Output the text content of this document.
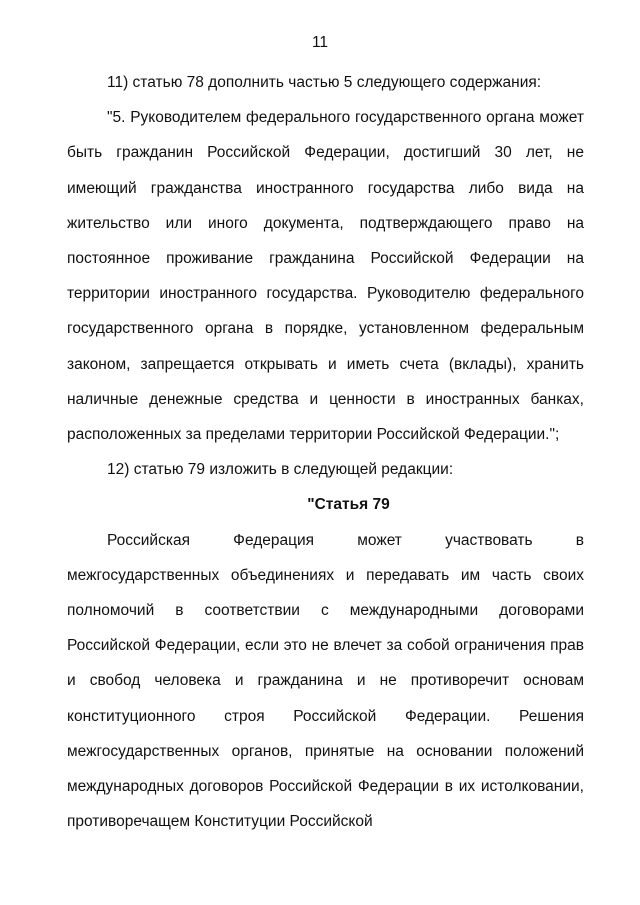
11

11) статью 78 дополнить частью 5 следующего содержания:

"5. Руководителем федерального государственного органа может быть гражданин Российской Федерации, достигший 30 лет, не имеющий гражданства иностранного государства либо вида на жительство или иного документа, подтверждающего право на постоянное проживание гражданина Российской Федерации на территории иностранного государства. Руководителю федерального государственного органа в порядке, установленном федеральным законом, запрещается открывать и иметь счета (вклады), хранить наличные денежные средства и ценности в иностранных банках, расположенных за пределами территории Российской Федерации.";

12) статью 79 изложить в следующей редакции:

"Статья 79

Российская Федерация может участвовать в межгосударственных объединениях и передавать им часть своих полномочий в соответствии с международными договорами Российской Федерации, если это не влечет за собой ограничения прав и свобод человека и гражданина и не противоречит основам конституционного строя Российской Федерации. Решения межгосударственных органов, принятые на основании положений международных договоров Российской Федерации в их истолковании, противоречащем Конституции Российской
